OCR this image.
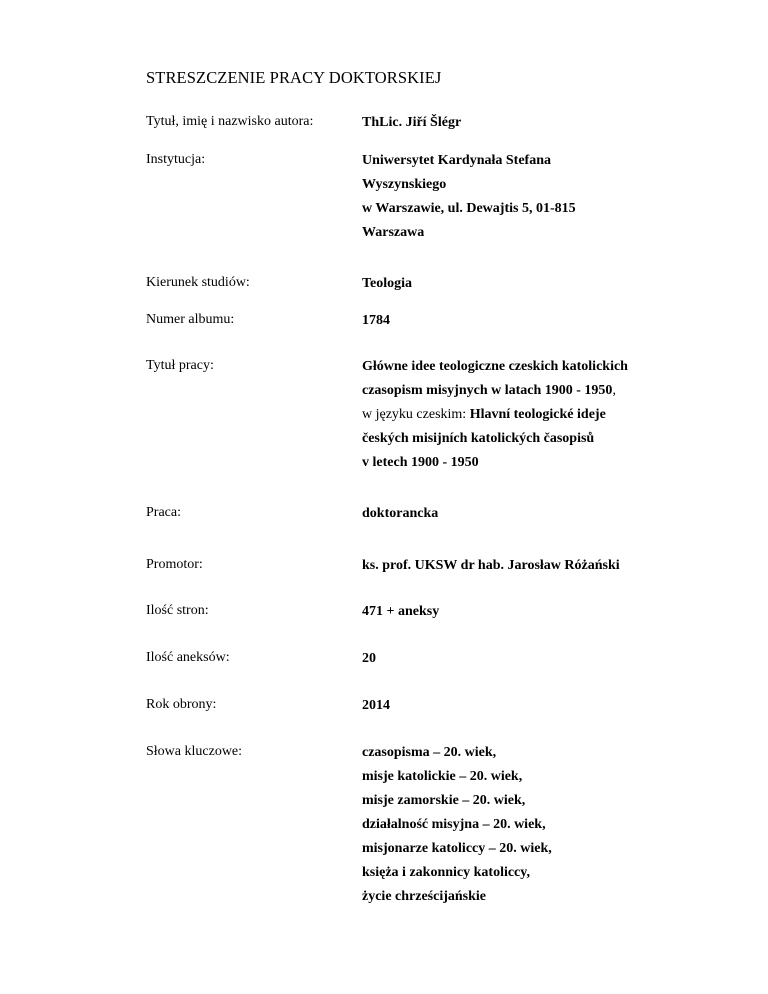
STRESZCZENIE PRACY DOKTORSKIEJ
Tytuł, imię i nazwisko autora:	ThLic. Jiří Šlégr
Instytucja:	Uniwersytet Kardynała Stefana
Wyszynskiego
w Warszawie, ul. Dewajtis 5, 01-815
Warszawa
Kierunek studiów:	Teologia
Numer albumu:	1784
Tytuł pracy:	Główne idee teologiczne czeskich katolickich
czasopism misyjnych w latach 1900 - 1950,
w języku czeskim: Hlavní teologické ideje
českých misijních katolických časopisů
v letech 1900 - 1950
Praca:	doktorancka
Promotor:	ks. prof. UKSW dr hab. Jarosław Różański
Ilość stron:	471 + aneksy
Ilość aneksów:	20
Rok obrony:	2014
Słowa kluczowe:	czasopisma – 20. wiek,
misje katolickie – 20. wiek,
misje zamorskie – 20. wiek,
działalność misyjna – 20. wiek,
misjonarze katoliccy – 20. wiek,
księża i zakonnicy katoliccy,
życie chrześcijańskie
